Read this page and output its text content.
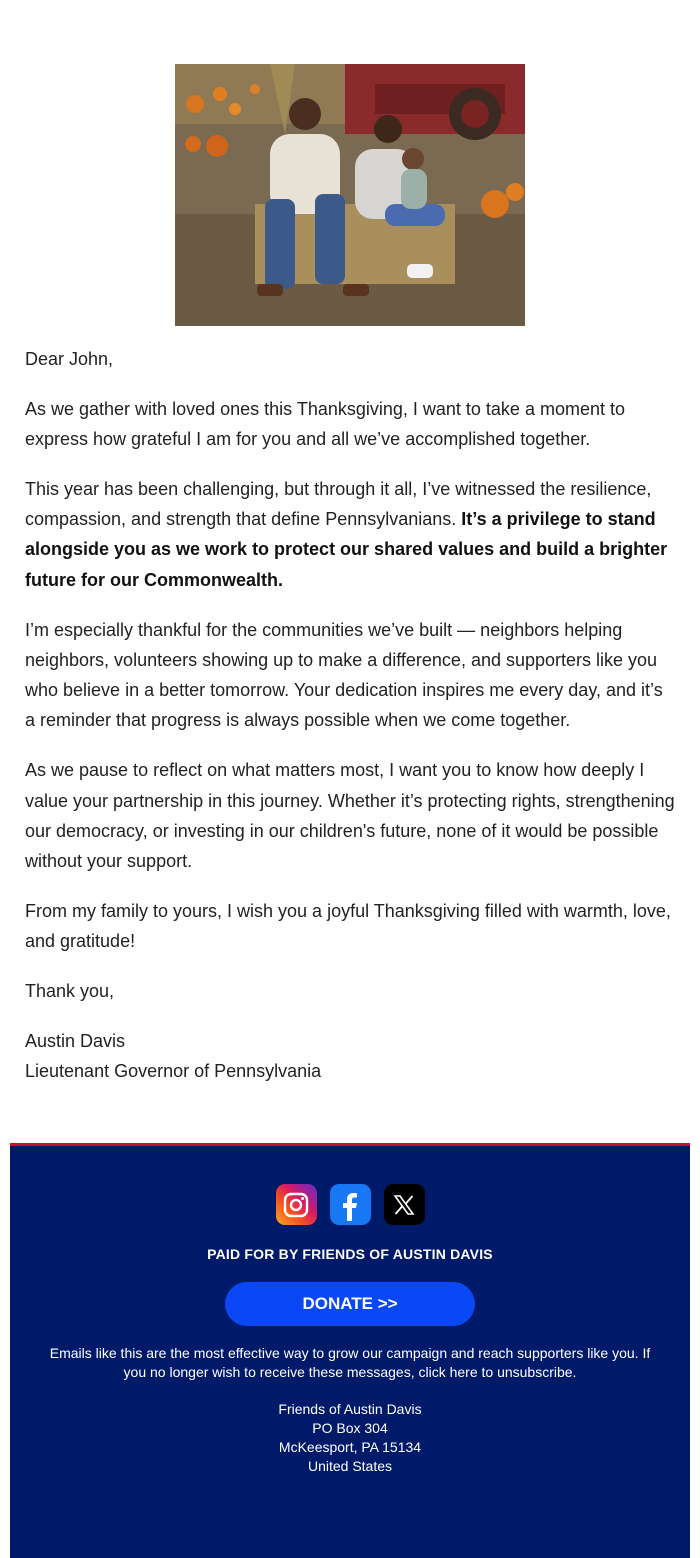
Dear John,

As we gather with loved ones this Thanksgiving, I want to take a moment to express how grateful I am for you and all we’ve accomplished together.

This year has been challenging, but through it all, I’ve witnessed the resilience, compassion, and strength that define Pennsylvanians. It’s a privilege to stand alongside you as we work to protect our shared values and build a brighter future for our Commonwealth.

I’m especially thankful for the communities we’ve built — neighbors helping neighbors, volunteers showing up to make a difference, and supporters like you who believe in a better tomorrow. Your dedication inspires me every day, and it’s a reminder that progress is always possible when we come together.

As we pause to reflect on what matters most, I want you to know how deeply I value your partnership in this journey. Whether it’s protecting rights, strengthening our democracy, or investing in our children's future, none of it would be possible without your support.

From my family to yours, I wish you a joyful Thanksgiving filled with warmth, love, and gratitude!

Thank you,

Austin Davis
Lieutenant Governor of Pennsylvania

PAID FOR BY FRIENDS OF AUSTIN DAVIS
DONATE >>
Emails like this are the most effective way to grow our campaign and reach supporters like you. If you no longer wish to receive these messages, click here to unsubscribe.
Friends of Austin Davis
PO Box 304
McKeesport, PA 15134
United States
